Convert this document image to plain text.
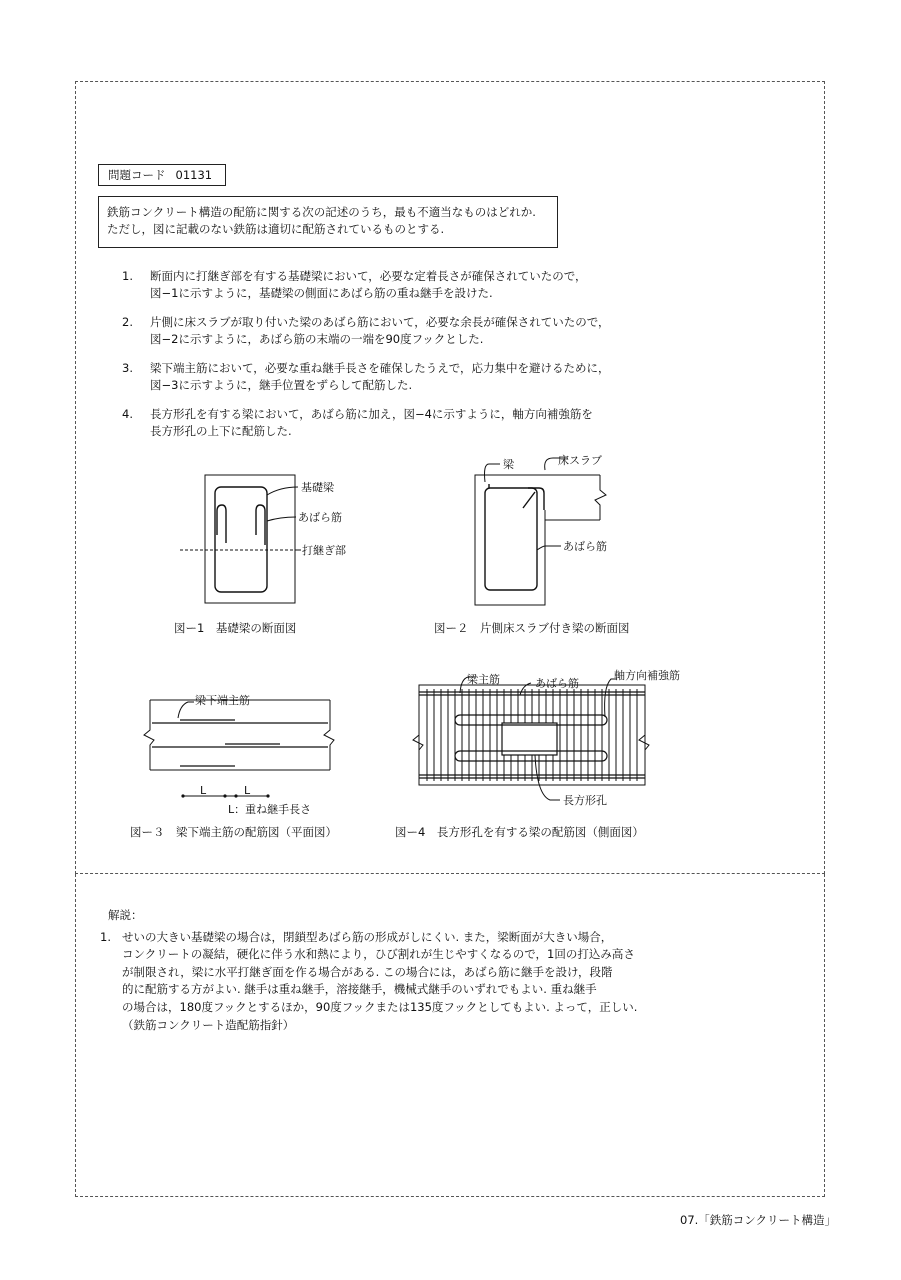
問題コード 01131
鉄筋コンクリート構造の配筋に関する次の記述のうち，最も不適当なものはどれか.
ただし，図に記載のない鉄筋は適切に配筋されているものとする.
1.	断面内に打継ぎ部を有する基礎梁において，必要な定着長さが確保されていたので，
図−1に示すように，基礎梁の側面にあばら筋の重ね継手を設けた.
2.	片側に床スラブが取り付いた梁のあばら筋において，必要な余長が確保されていたので，
図−2に示すように，あばら筋の末端の一端を90度フックとした.
3.	梁下端主筋において，必要な重ね継手長さを確保したうえで，応力集中を避けるために，
図−3に示すように，継手位置をずらして配筋した.
4.	長方形孔を有する梁において，あばら筋に加え，図−4に示すように，軸方向補強筋を
長方形孔の上下に配筋した.
基礎梁
あばら筋
打継ぎ部
図ー1　基礎梁の断面図
梁	床スラブ
あばら筋
図ー２　片側床スラブ付き梁の断面図
梁下端主筋
L	L
L：重ね継手長さ
図ー３　梁下端主筋の配筋図（平面図）
梁主筋	あばら筋
軸方向補強筋
長方形孔
図ー4　長方形孔を有する梁の配筋図（側面図）
解説：
1. せいの大きい基礎梁の場合は，閉鎖型あばら筋の形成がしにくい. また，梁断面が大きい場合，
コンクリートの凝結，硬化に伴う水和熱により，ひび割れが生じやすくなるので，1回の打込み高さ
が制限され，梁に水平打継ぎ面を作る場合がある. この場合には，あばら筋に継手を設け，段階
的に配筋する方がよい. 継手は重ね継手，溶接継手，機械式継手のいずれでもよい. 重ね継手
の場合は，180度フックとするほか，90度フックまたは135度フックとしてもよい. よって，正しい.
（鉄筋コンクリート造配筋指針）
07.「鉄筋コンクリート構造」
